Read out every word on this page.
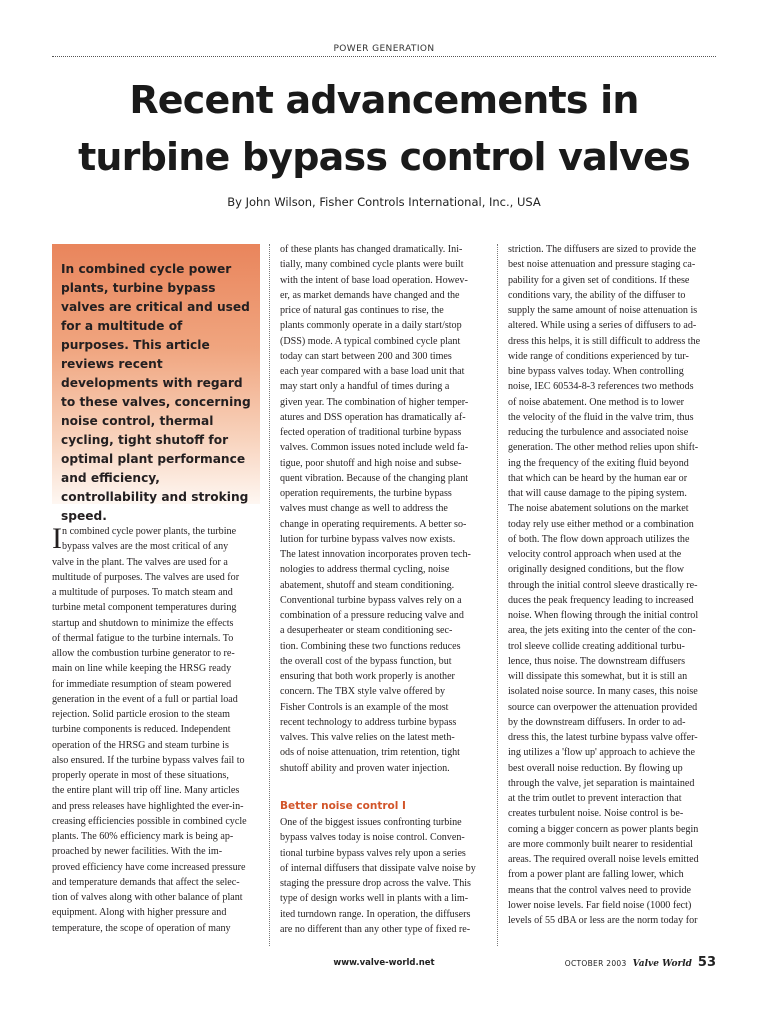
POWER GENERATION
Recent advancements in
turbine bypass control valves
By John Wilson, Fisher Controls International, Inc., USA

In combined cycle power plants, turbine bypass valves are critical and used for a multitude of purposes. This article reviews recent developments with regard to these valves, concerning noise control, thermal cycling, tight shutoff for optimal plant performance and efficiency, controllability and stroking speed.

I n combined cycle power plants, the turbine
bypass valves are the most critical of any
valve in the plant. The valves are used for a
multitude of purposes. The valves are used for
a multitude of purposes. To match steam and
turbine metal component temperatures during
startup and shutdown to minimize the effects
of thermal fatigue to the turbine internals. To
allow the combustion turbine generator to re-
main on line while keeping the HRSG ready
for immediate resumption of steam powered
generation in the event of a full or partial load
rejection. Solid particle erosion to the steam
turbine components is reduced. Independent
operation of the HRSG and steam turbine is
also ensured. If the turbine bypass valves fail to
properly operate in most of these situations,
the entire plant will trip off line. Many articles
and press releases have highlighted the ever-in-
creasing efficiencies possible in combined cycle
plants. The 60% efficiency mark is being ap-
proached by newer facilities. With the im-
proved efficiency have come increased pressure
and temperature demands that affect the selec-
tion of valves along with other balance of plant
equipment. Along with higher pressure and
temperature, the scope of operation of many
of these plants has changed dramatically. Ini-
tially, many combined cycle plants were built
with the intent of base load operation. Howev-
er, as market demands have changed and the
price of natural gas continues to rise, the
plants commonly operate in a daily start/stop
(DSS) mode. A typical combined cycle plant
today can start between 200 and 300 times
each year compared with a base load unit that
may start only a handful of times during a
given year. The combination of higher temper-
atures and DSS operation has dramatically af-
fected operation of traditional turbine bypass
valves. Common issues noted include weld fa-
tigue, poor shutoff and high noise and subse-
quent vibration. Because of the changing plant
operation requirements, the turbine bypass
valves must change as well to address the
change in operating requirements. A better so-
lution for turbine bypass valves now exists.
The latest innovation incorporates proven tech-
nologies to address thermal cycling, noise
abatement, shutoff and steam conditioning.
Conventional turbine bypass valves rely on a
combination of a pressure reducing valve and
a desuperheater or steam conditioning sec-
tion. Combining these two functions reduces
the overall cost of the bypass function, but
ensuring that both work properly is another
concern. The TBX style valve offered by
Fisher Controls is an example of the most
recent technology to address turbine bypass
valves. This valve relies on the latest meth-
ods of noise attenuation, trim retention, tight
shutoff ability and proven water injection.
Better noise control I
One of the biggest issues confronting turbine
bypass valves today is noise control. Conven-
tional turbine bypass valves rely upon a series
of internal diffusers that dissipate valve noise by
staging the pressure drop across the valve. This
type of design works well in plants with a lim-
ited turndown range. In operation, the diffusers
are no different than any other type of fixed re-
striction. The diffusers are sized to provide the
best noise attenuation and pressure staging ca-
pability for a given set of conditions. If these
conditions vary, the ability of the diffuser to
supply the same amount of noise attenuation is
altered. While using a series of diffusers to ad-
dress this helps, it is still difficult to address the
wide range of conditions experienced by tur-
bine bypass valves today. When controlling
noise, IEC 60534-8-3 references two methods
of noise abatement. One method is to lower
the velocity of the fluid in the valve trim, thus
reducing the turbulence and associated noise
generation. The other method relies upon shift-
ing the frequency of the exiting fluid beyond
that which can be heard by the human ear or
that will cause damage to the piping system.
The noise abatement solutions on the market
today rely use either method or a combination
of both. The flow down approach utilizes the
velocity control approach when used at the
originally designed conditions, but the flow
through the initial control sleeve drastically re-
duces the peak frequency leading to increased
noise. When flowing through the initial control
area, the jets exiting into the center of the con-
trol sleeve collide creating additional turbu-
lence, thus noise. The downstream diffusers
will dissipate this somewhat, but it is still an
isolated noise source. In many cases, this noise
source can overpower the attenuation provided
by the downstream diffusers. In order to ad-
dress this, the latest turbine bypass valve offer-
ing utilizes a 'flow up' approach to achieve the
best overall noise reduction. By flowing up
through the valve, jet separation is maintained
at the trim outlet to prevent interaction that
creates turbulent noise. Noise control is be-
coming a bigger concern as power plants begin
are more commonly built nearer to residential
areas. The required overall noise levels emitted
from a power plant are falling lower, which
means that the control valves need to provide
lower noise levels. Far field noise (1000 fect)
levels of 55 dBA or less are the norm today for
www.valve-world.net	OCTOBER 2003 Valve World 53
